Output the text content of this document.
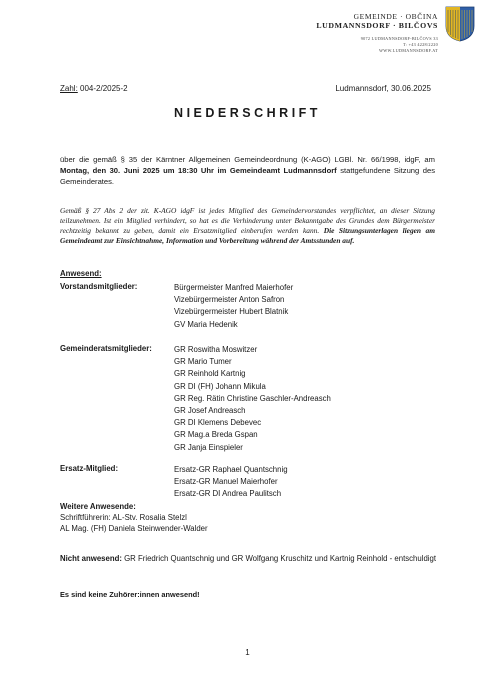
GEMEINDE · OBČINA
LUDMANNSDORF · BILČOVS
9072 LUDMANNSDORF-BILČOVS 33
T: +43 4228/2220
WWW.LUDMANNSDORF.AT
Zahl: 004-2/2025-2	Ludmannsdorf, 30.06.2025
NIEDERSCHRIFT
über die gemäß § 35 der Kärntner Allgemeinen Gemeindeordnung (K-AGO) LGBl. Nr. 66/1998, idgF, am Montag, den 30. Juni 2025 um 18:30 Uhr im Gemeindeamt Ludmannsdorf stattgefundene Sitzung des Gemeinderates.
Gemäß § 27 Abs 2 der zit. K-AGO idgF ist jedes Mitglied des Gemeindervorstandes verpflichtet, an dieser Sitzung teilzunehmen. Ist ein Mitglied verhindert, so hat es die Verhinderung unter Bekanntgabe des Grundes dem Bürgermeister rechtzeitig bekannt zu geben, damit ein Ersatzmitglied einberufen werden kann. Die Sitzungsunterlagen liegen am Gemeindeamt zur Einsichtnahme, Information und Vorbereitung während der Amtsstunden auf.
Anwesend:
Vorstandsmitglieder:	Bürgermeister Manfred Maierhofer
Vizebürgermeister Anton Safron
Vizebürgermeister Hubert Blatnik
GV Maria Hedenik
Gemeinderatsmitglieder:	GR Roswitha Moswitzer
GR Mario Tumer
GR Reinhold Kartnig
GR DI (FH) Johann Mikula
GR Reg. Rätin Christine Gaschler-Andreasch
GR Josef Andreasch
GR DI Klemens Debevec
GR Mag.a Breda Gspan
GR Janja Einspieler
Ersatz-Mitglied:	Ersatz-GR Raphael Quantschnig
Ersatz-GR Manuel Maierhofer
Ersatz-GR DI Andrea Paulitsch
Weitere Anwesende:
Schriftführerin: AL-Stv. Rosalia Stelzl
AL Mag. (FH) Daniela Steinwender-Walder
Nicht anwesend: GR Friedrich Quantschnig und GR Wolfgang Kruschitz und Kartnig Reinhold - entschuldigt
Es sind keine Zuhörer:innen anwesend!
1
